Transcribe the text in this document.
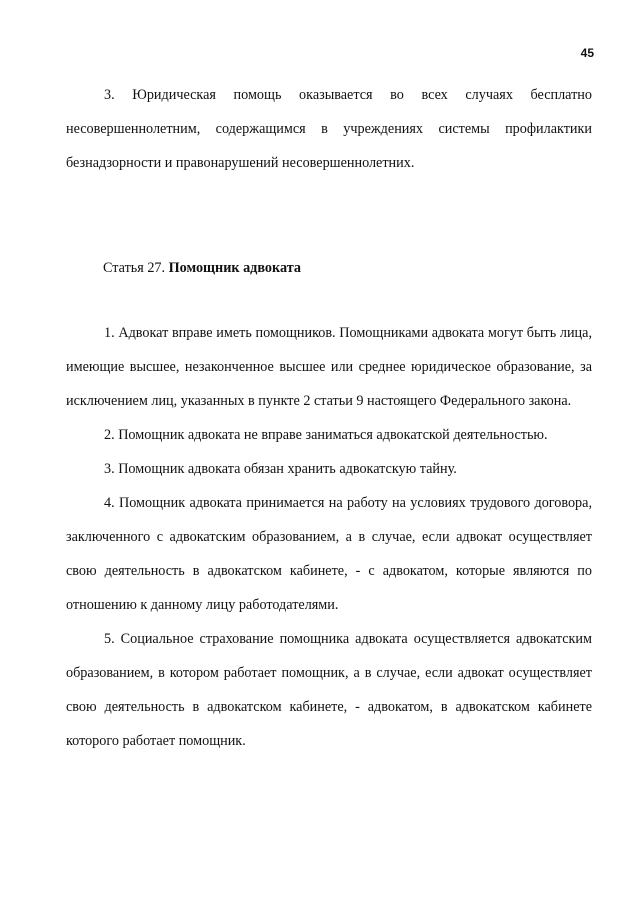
45

3. Юридическая помощь оказывается во всех случаях бесплатно несовершеннолетним, содержащимся в учреждениях системы профилактики безнадзорности и правонарушений несовершеннолетних.

Статья 27. Помощник адвоката

1. Адвокат вправе иметь помощников. Помощниками адвоката могут быть лица, имеющие высшее, незаконченное высшее или среднее юридическое образование, за исключением лиц, указанных в пункте 2 статьи 9 настоящего Федерального закона.

2. Помощник адвоката не вправе заниматься адвокатской деятельностью.

3. Помощник адвоката обязан хранить адвокатскую тайну.

4. Помощник адвоката принимается на работу на условиях трудового договора, заключенного с адвокатским образованием, а в случае, если адвокат осуществляет свою деятельность в адвокатском кабинете, - с адвокатом, которые являются по отношению к данному лицу работодателями.

5. Социальное страхование помощника адвоката осуществляется адвокатским образованием, в котором работает помощник, а в случае, если адвокат осуществляет свою деятельность в адвокатском кабинете, - адвокатом, в адвокатском кабинете которого работает помощник.
